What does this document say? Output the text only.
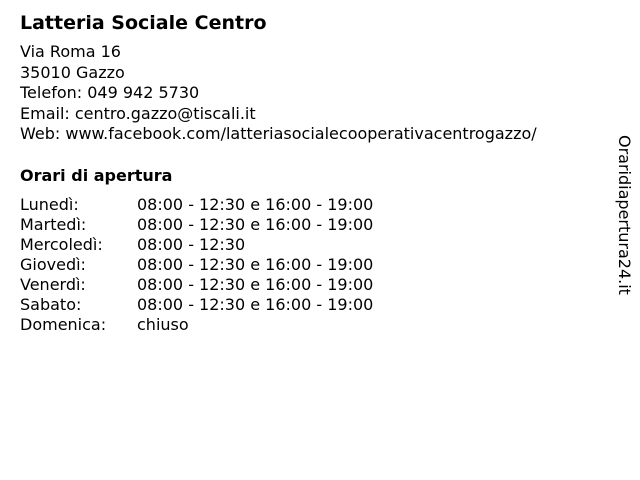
Latteria Sociale Centro
Via Roma 16
35010 Gazzo
Telefon: 049 942 5730
Email: centro.gazzo@tiscali.it
Web: www.facebook.com/latteriasocialecooperativacentrogazzo/
Orari di apertura
Lunedì:	08:00 - 12:30 e 16:00 - 19:00
Martedì:	08:00 - 12:30 e 16:00 - 19:00
Mercoledì:	08:00 - 12:30
Giovedì:	08:00 - 12:30 e 16:00 - 19:00
Venerdì:	08:00 - 12:30 e 16:00 - 19:00
Sabato:	08:00 - 12:30 e 16:00 - 19:00
Domenica:	chiuso
Oraridiapertura24.it
